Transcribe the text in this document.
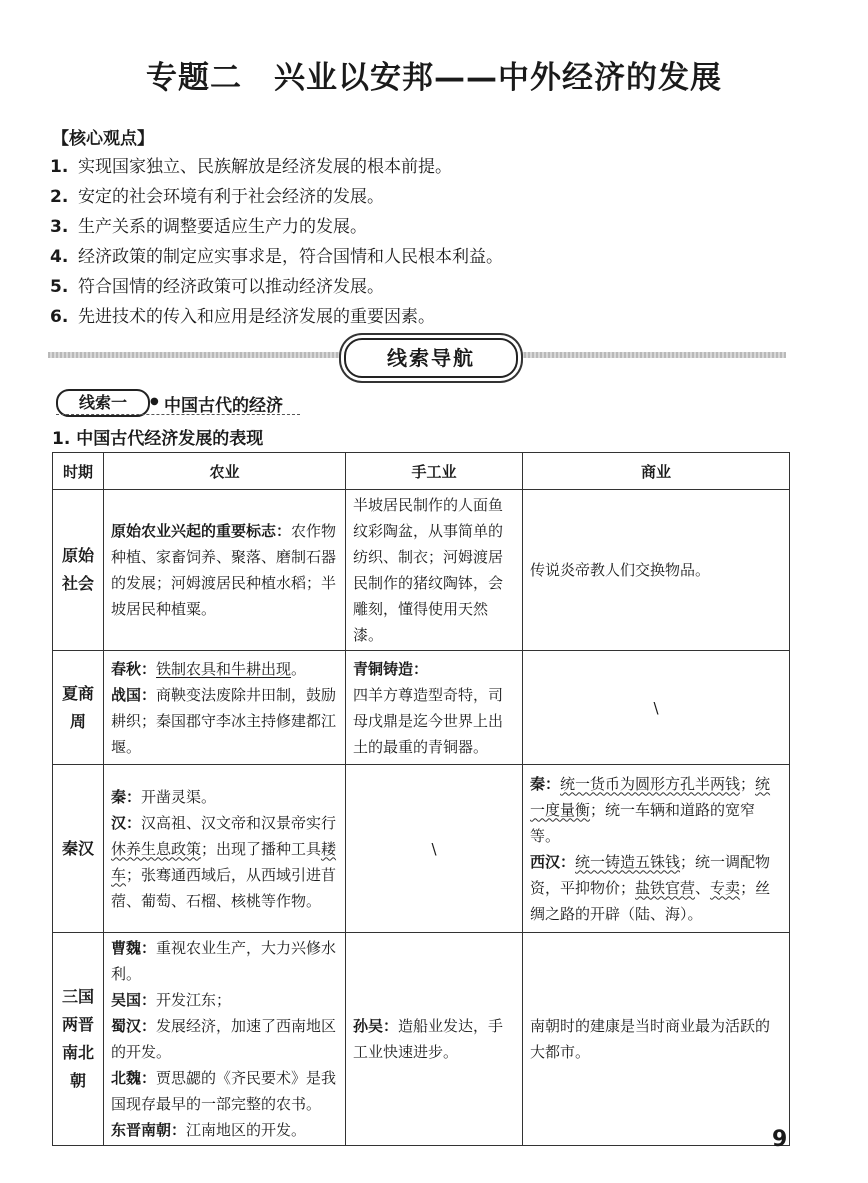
专题二　兴业以安邦——中外经济的发展
【核心观点】
1. 实现国家独立、民族解放是经济发展的根本前提。
2. 安定的社会环境有利于社会经济的发展。
3. 生产关系的调整要适应生产力的发展。
4. 经济政策的制定应实事求是，符合国情和人民根本利益。
5. 符合国情的经济政策可以推动经济发展。
6. 先进技术的传入和应用是经济发展的重要因素。
线索导航
线索一	● 中国古代的经济
1. 中国古代经济发展的表现
时期	农业	手工业	商业
原始社会	原始农业兴起的重要标志：农作物种植、家畜饲养、聚落、磨制石器的发展；河姆渡居民种植水稻；半坡居民种植粟。	半坡居民制作的人面鱼纹彩陶盆，从事简单的纺织、制衣；河姆渡居民制作的猪纹陶钵，会雕刻，懂得使用天然漆。	传说炎帝教人们交换物品。
夏商周	春秋：铁制农具和牛耕出现。
战国：商鞅变法废除井田制，鼓励耕织；秦国郡守李冰主持修建都江堰。	青铜铸造：
四羊方尊造型奇特，司母戊鼎是迄今世界上出土的最重的青铜器。	\
秦汉	秦：开凿灵渠。
汉：汉高祖、汉文帝和汉景帝实行休养生息政策；出现了播种工具耧车；张骞通西域后，从西域引进苜蓿、葡萄、石榴、核桃等作物。	\	秦：统一货币为圆形方孔半两钱；统一度量衡；统一车辆和道路的宽窄等。
西汉：统一铸造五铢钱；统一调配物资，平抑物价；盐铁官营、专卖；丝绸之路的开辟（陆、海）。

三国两晋南北朝	曹魏：重视农业生产，大力兴修水利。
吴国：开发江东；
蜀汉：发展经济，加速了西南地区的开发。
北魏：贾思勰的《齐民要术》是我国现存最早的一部完整的农书。
东晋南朝：江南地区的开发。	孙吴：造船业发达，手工业快速进步。	南朝时的建康是当时商业最为活跃的大都市。
9
